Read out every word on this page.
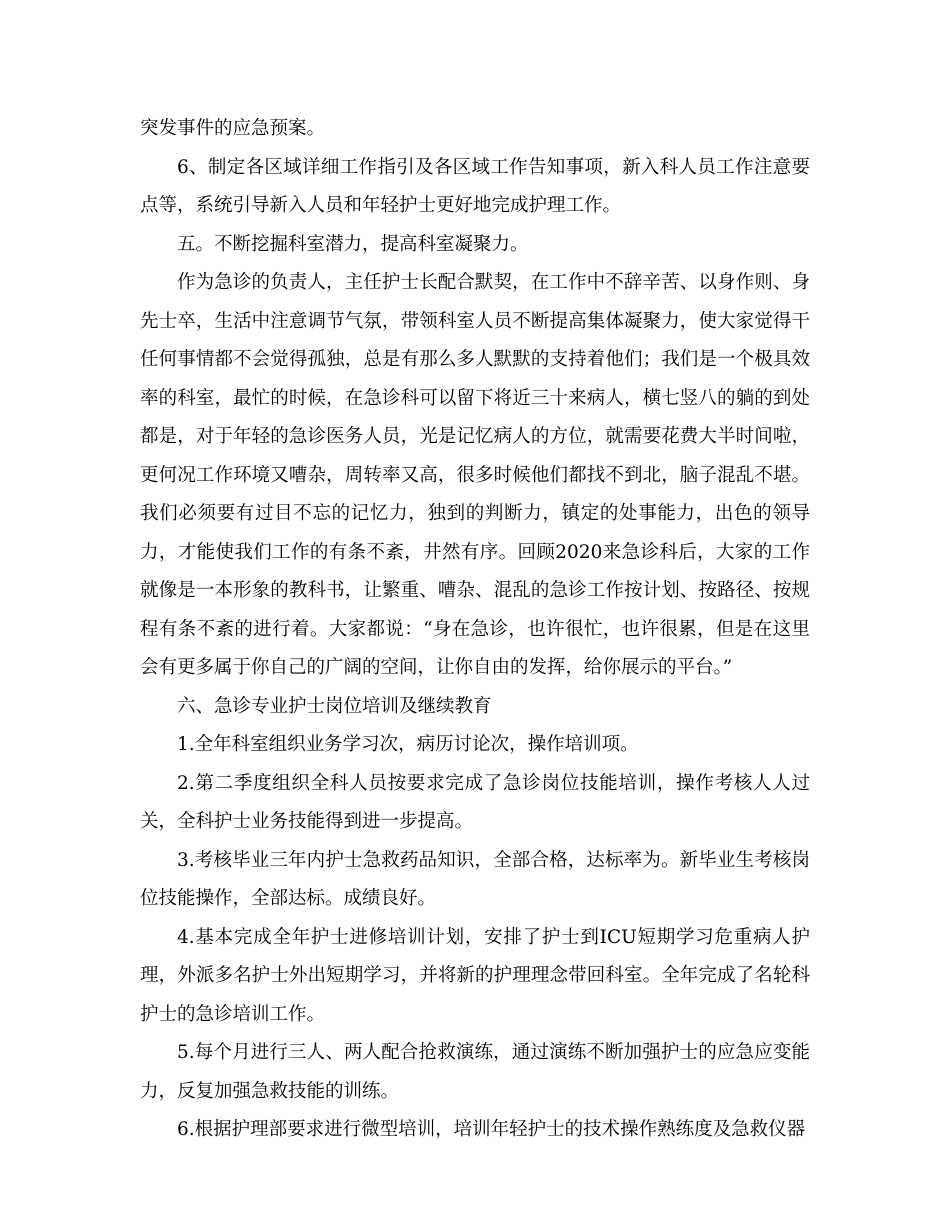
突发事件的应急预案。

6、制定各区域详细工作指引及各区域工作告知事项，新入科人员工作注意要点等，系统引导新入人员和年轻护士更好地完成护理工作。

五。不断挖掘科室潜力，提高科室凝聚力。

作为急诊的负责人，主任护士长配合默契，在工作中不辞辛苦、以身作则、身先士卒，生活中注意调节气氛，带领科室人员不断提高集体凝聚力，使大家觉得干任何事情都不会觉得孤独，总是有那么多人默默的支持着他们；我们是一个极具效率的科室，最忙的时候，在急诊科可以留下将近三十来病人，横七竖八的躺的到处都是，对于年轻的急诊医务人员，光是记忆病人的方位，就需要花费大半时间啦，更何况工作环境又嘈杂，周转率又高，很多时候他们都找不到北，脑子混乱不堪。我们必须要有过目不忘的记忆力，独到的判断力，镇定的处事能力，出色的领导力，才能使我们工作的有条不紊，井然有序。回顾2020来急诊科后，大家的工作就像是一本形象的教科书，让繁重、嘈杂、混乱的急诊工作按计划、按路径、按规程有条不紊的进行着。大家都说：“身在急诊，也许很忙，也许很累，但是在这里会有更多属于你自己的广阔的空间，让你自由的发挥，给你展示的平台。”

六、急诊专业护士岗位培训及继续教育

1.全年科室组织业务学习次，病历讨论次，操作培训项。

2.第二季度组织全科人员按要求完成了急诊岗位技能培训，操作考核人人过关，全科护士业务技能得到进一步提高。

3.考核毕业三年内护士急救药品知识，全部合格，达标率为。新毕业生考核岗位技能操作，全部达标。成绩良好。

4.基本完成全年护士进修培训计划，安排了护士到ICU短期学习危重病人护理，外派多名护士外出短期学习，并将新的护理理念带回科室。全年完成了名轮科护士的急诊培训工作。

5.每个月进行三人、两人配合抢救演练，通过演练不断加强护士的应急应变能力，反复加强急救技能的训练。

6.根据护理部要求进行微型培训，培训年轻护士的技术操作熟练度及急救仪器
